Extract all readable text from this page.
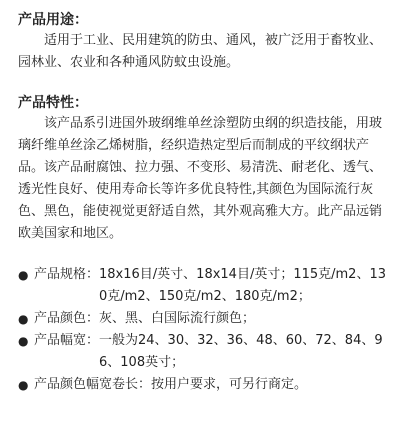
产品用途：

适用于工业、民用建筑的防虫、通风，被广泛用于畜牧业、园林业、农业和各种通风防蚊虫设施。

产品特性：

该产品系引进国外玻纲维单丝涂塑防虫纲的织造技能，用玻璃纤维单丝涂乙烯树脂，经织造热定型后而制成的平纹纲状产品。该产品耐腐蚀、拉力强、不变形、易清洗、耐老化、透气、透光性良好、使用寿命长等许多优良特性,其颜色为国际流行灰色、黑色，能使视觉更舒适自然，其外观高雅大方。此产品远销欧美国家和地区。

● 产品规格： 18x16目/英寸、18x14目/英寸；115克/m2、130克/m2、150克/m2、180克/m2；
● 产品颜色： 灰、黑、白国际流行颜色；
● 产品幅宽： 一般为24、30、32、36、48、60、72、84、96、108英寸；
● 产品颜色幅宽卷长： 按用户要求，可另行商定。
